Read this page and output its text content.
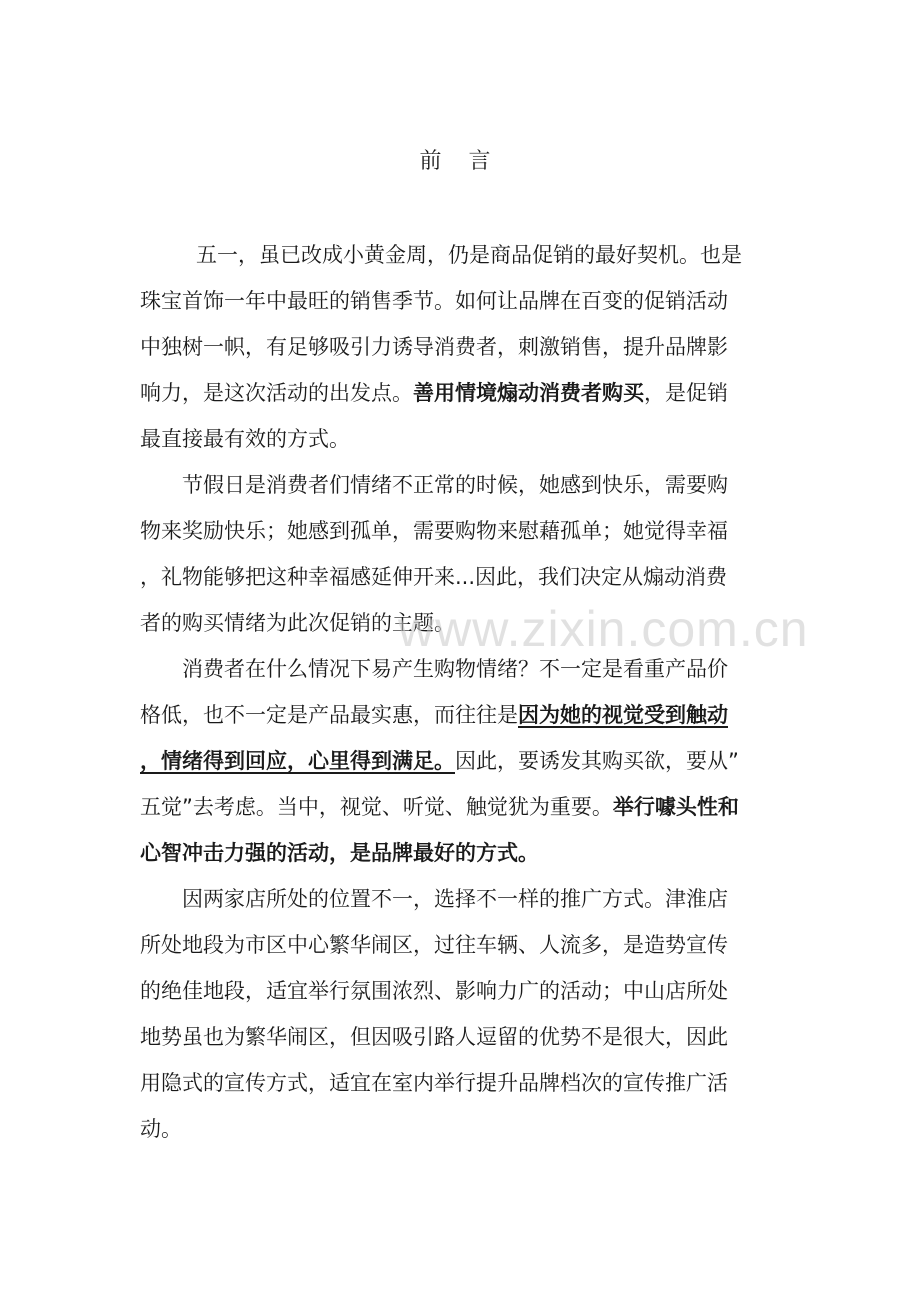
前 言
五一，虽已改成小黄金周，仍是商品促销的最好契机。也是
珠宝首饰一年中最旺的销售季节。如何让品牌在百变的促销活动
中独树一帜，有足够吸引力诱导消费者，刺激销售，提升品牌影
响力，是这次活动的出发点。善用情境煽动消费者购买，是促销
最直接最有效的方式。
节假日是消费者们情绪不正常的时候，她感到快乐，需要购
物来奖励快乐；她感到孤单，需要购物来慰藉孤单；她觉得幸福
，礼物能够把这种幸福感延伸开来...因此，我们决定从煽动消费
者的购买情绪为此次促销的主题。
消费者在什么情况下易产生购物情绪？不一定是看重产品价
格低，也不一定是产品最实惠，而往往是因为她的视觉受到触动
，情绪得到回应，心里得到满足。因此，要诱发其购买欲，要从”
五觉”去考虑。当中，视觉、听觉、触觉犹为重要。举行噱头性和
心智冲击力强的活动，是品牌最好的方式。
因两家店所处的位置不一，选择不一样的推广方式。津淮店
所处地段为市区中心繁华闹区，过往车辆、人流多，是造势宣传
的绝佳地段，适宜举行氛围浓烈、影响力广的活动；中山店所处
地势虽也为繁华闹区，但因吸引路人逗留的优势不是很大，因此
用隐式的宣传方式，适宜在室内举行提升品牌档次的宣传推广活
动。
www.zixin.com.cn
